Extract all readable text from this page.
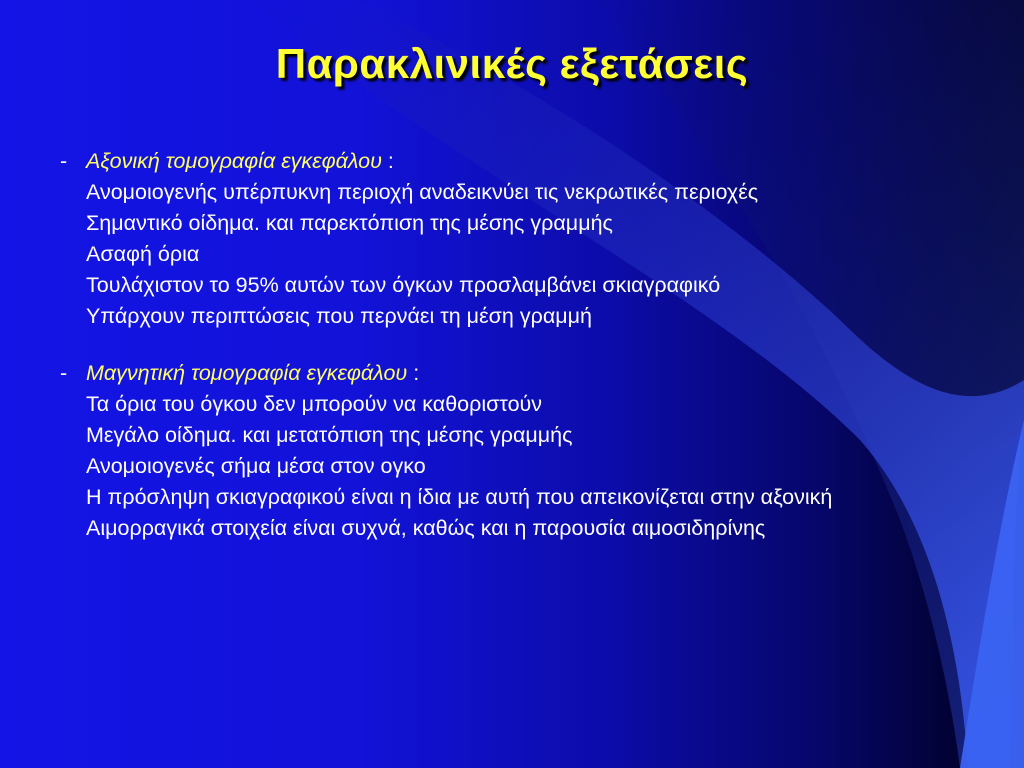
Παρακλινικές εξετάσεις
- Αξονική τομογραφία εγκεφάλου :
Ανομοιογενής υπέρπυκνη περιοχή αναδεικνύει τις νεκρωτικές περιοχές
Σημαντικό οίδημα. και παρεκτόπιση της μέσης γραμμής
Ασαφή όρια
Τουλάχιστον το 95% αυτών των όγκων προσλαμβάνει σκιαγραφικό
Υπάρχουν περιπτώσεις που περνάει τη μέση γραμμή
- Μαγνητική τομογραφία εγκεφάλου :
Τα όρια του όγκου δεν μπορούν να καθοριστούν
Μεγάλο οίδημα. και μετατόπιση της μέσης γραμμής
Ανομοιογενές σήμα μέσα στον ογκο
Η πρόσληψη σκιαγραφικού είναι η ίδια με αυτή που απεικονίζεται στην αξονική
Αιμορραγικά στοιχεία είναι συχνά, καθώς και η παρουσία αιμοσιδηρίνης
